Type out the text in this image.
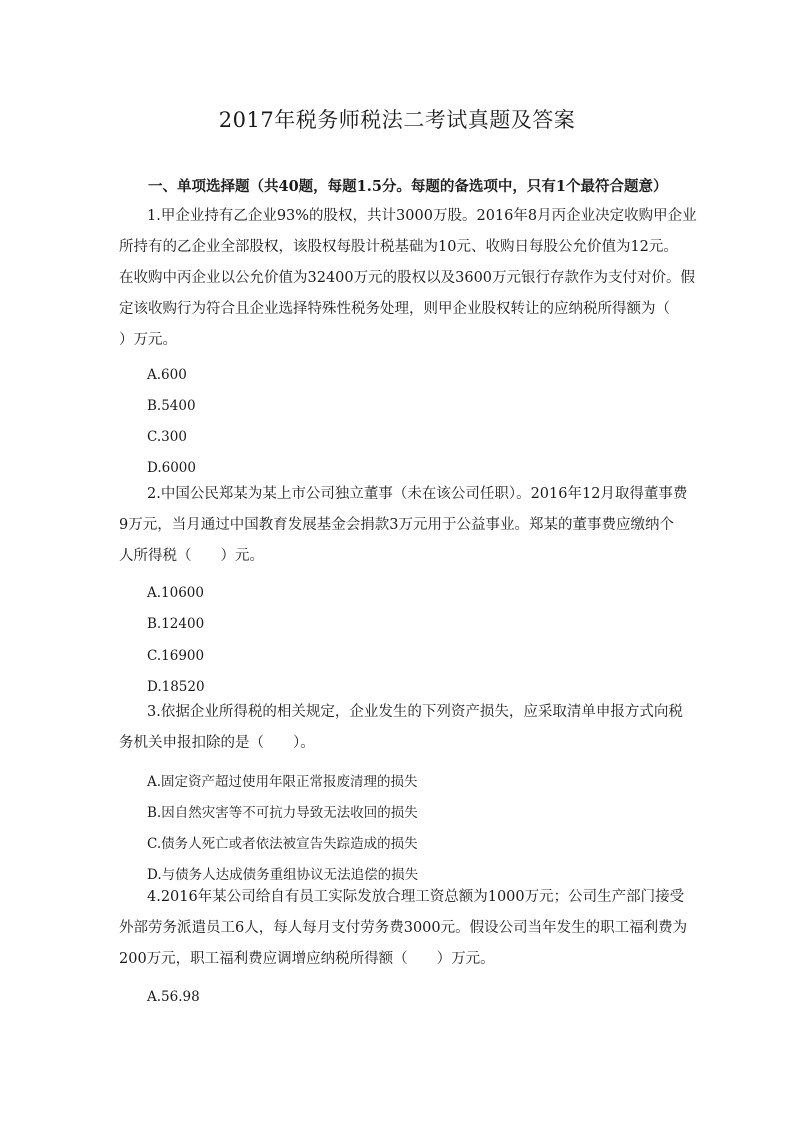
2017年税务师税法二考试真题及答案
一、单项选择题（共40题，每题1.5分。每题的备选项中，只有1个最符合题意）
1.甲企业持有乙企业93%的股权，共计3000万股。2016年8月丙企业决定收购甲企业
所持有的乙企业全部股权，该股权每股计税基础为10元、收购日每股公允价值为12元。
在收购中丙企业以公允价值为32400万元的股权以及3600万元银行存款作为支付对价。假
定该收购行为符合且企业选择特殊性税务处理，则甲企业股权转让的应纳税所得额为（
）万元。
A.600
B.5400
C.300
D.6000
2.中国公民郑某为某上市公司独立董事（未在该公司任职）。2016年12月取得董事费
9万元，当月通过中国教育发展基金会捐款3万元用于公益事业。郑某的董事费应缴纳个
人所得税（　　）元。
A.10600
B.12400
C.16900
D.18520
3.依据企业所得税的相关规定，企业发生的下列资产损失，应采取清单申报方式向税
务机关申报扣除的是（　　）。
A.固定资产超过使用年限正常报废清理的损失
B.因自然灾害等不可抗力导致无法收回的损失
C.债务人死亡或者依法被宣告失踪造成的损失
D.与债务人达成债务重组协议无法追偿的损失
4.2016年某公司给自有员工实际发放合理工资总额为1000万元；公司生产部门接受
外部劳务派遣员工6人，每人每月支付劳务费3000元。假设公司当年发生的职工福利费为
200万元，职工福利费应调增应纳税所得额（　　）万元。
A.56.98
